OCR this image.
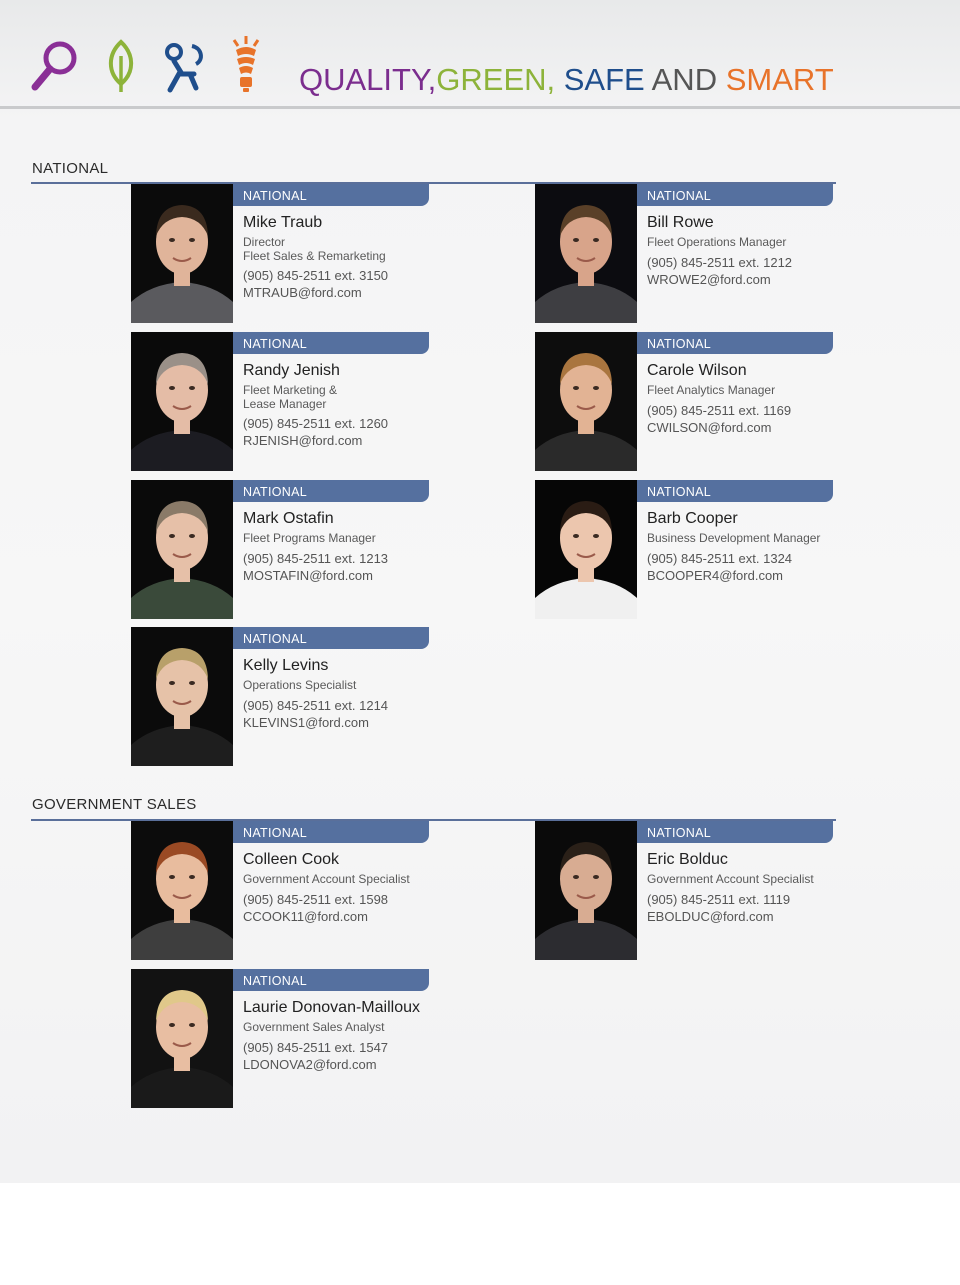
QUALITY,GREEN, SAFE AND SMART
NATIONAL
GOVERNMENT SALES
NATIONAL
Mike Traub
Director
Fleet Sales & Remarketing
(905) 845-2511 ext. 3150
MTRAUB@ford.com
NATIONAL
Bill Rowe
Fleet Operations Manager
(905) 845-2511 ext. 1212
WROWE2@ford.com
NATIONAL
Randy Jenish
Fleet Marketing &
Lease Manager
(905) 845-2511 ext. 1260
RJENISH@ford.com
NATIONAL
Carole Wilson
Fleet Analytics Manager
(905) 845-2511 ext. 1169
CWILSON@ford.com
NATIONAL
Mark Ostafin
Fleet Programs Manager
(905) 845-2511 ext. 1213
MOSTAFIN@ford.com
NATIONAL
Barb Cooper
Business Development Manager
(905) 845-2511 ext. 1324
BCOOPER4@ford.com
NATIONAL
Kelly Levins
Operations Specialist
(905) 845-2511 ext. 1214
KLEVINS1@ford.com
NATIONAL
Colleen Cook
Government Account Specialist
(905) 845-2511 ext. 1598
CCOOK11@ford.com
NATIONAL
Eric Bolduc
Government Account Specialist
(905) 845-2511 ext. 1119
EBOLDUC@ford.com
NATIONAL
Laurie Donovan-Mailloux
Government Sales Analyst
(905) 845-2511 ext. 1547
LDONOVA2@ford.com
